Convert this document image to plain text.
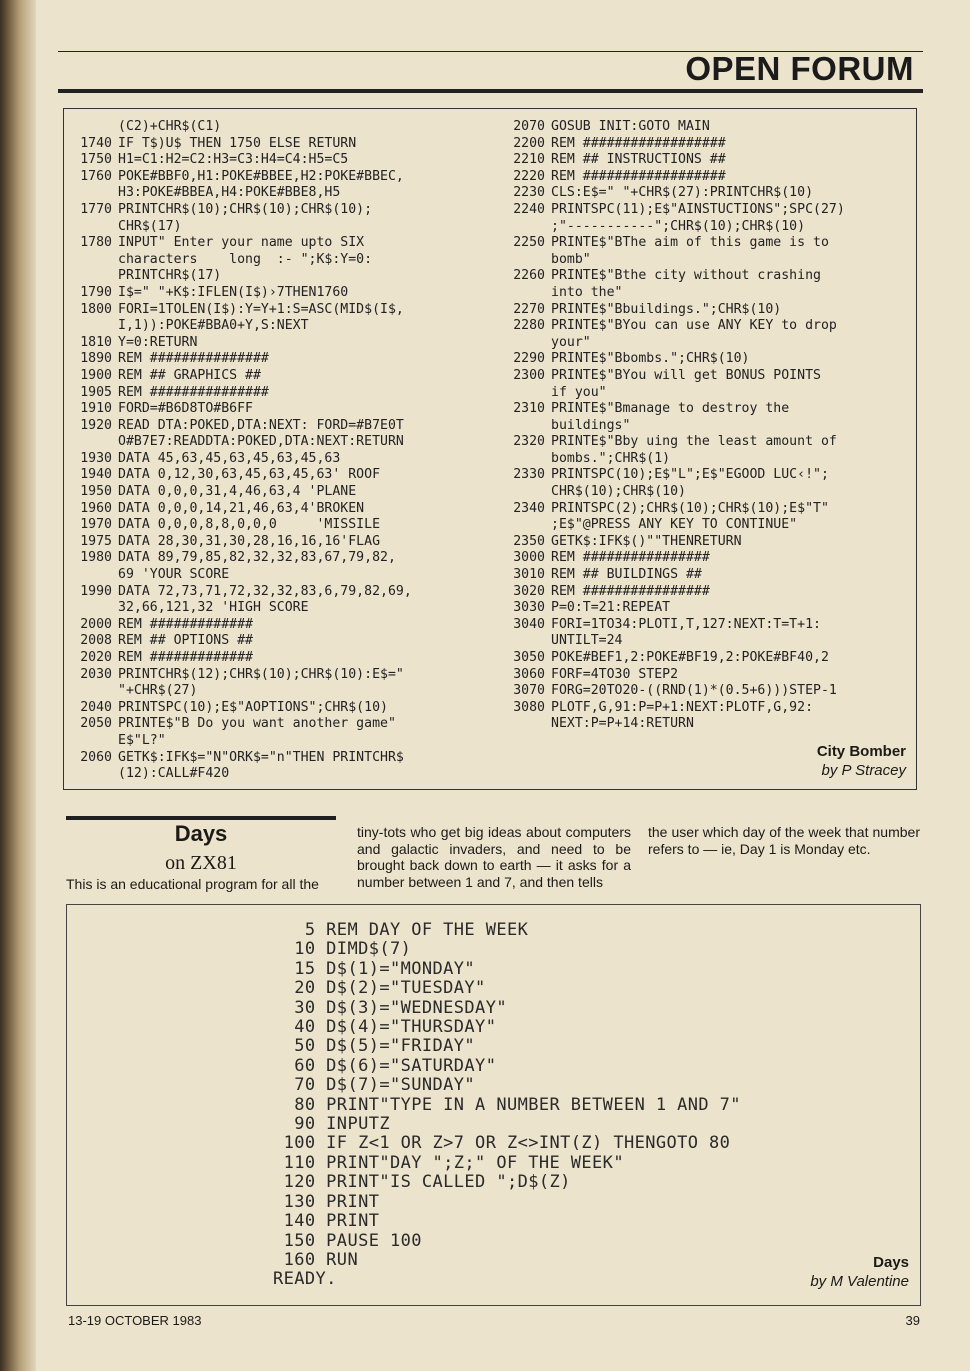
OPEN FORUM
(C2)+CHR$(C1)
1740 IF T$)U$ THEN 1750 ELSE RETURN
1750 H1=C1:H2=C2:H3=C3:H4=C4:H5=C5
1760 POKE#BBF0,H1:POKE#BBEE,H2:POKE#BBEC,
H3:POKE#BBEA,H4:POKE#BBE8,H5
1770 PRINTCHR$(10);CHR$(10);CHR$(10);
CHR$(17)
1780 INPUT" Enter your name upto SIX
characters    long  :- ";K$:Y=0:
PRINTCHR$(17)
1790 I$=" "+K$:IFLEN(I$)›7THEN1760
1800 FORI=1TOLEN(I$):Y=Y+1:S=ASC(MID$(I$,
I,1)):POKE#BBA0+Y,S:NEXT
1810 Y=0:RETURN
1890 REM ###############
1900 REM ## GRAPHICS ##
1905 REM ###############
1910 FORD=#B6D8TO#B6FF
1920 READ DTA:POKED,DTA:NEXT: FORD=#B7E0T
O#B7E7:READDTA:POKED,DTA:NEXT:RETURN
1930 DATA 45,63,45,63,45,63,45,63
1940 DATA 0,12,30,63,45,63,45,63' ROOF
1950 DATA 0,0,0,31,4,46,63,4 'PLANE
1960 DATA 0,0,0,14,21,46,63,4'BROKEN
1970 DATA 0,0,0,8,8,0,0,0     'MISSILE
1975 DATA 28,30,31,30,28,16,16,16'FLAG
1980 DATA 89,79,85,82,32,32,83,67,79,82,
69 'YOUR SCORE
1990 DATA 72,73,71,72,32,32,83,6,79,82,69,
32,66,121,32 'HIGH SCORE
2000 REM #############
2008 REM ## OPTIONS ##
2020 REM #############
2030 PRINTCHR$(12);CHR$(10);CHR$(10):E$="
"+CHR$(27)
2040 PRINTSPC(10);E$"AOPTIONS";CHR$(10)
2050 PRINTE$"B Do you want another game"
E$"L?"
2060 GETK$:IFK$="N"ORK$="n"THEN PRINTCHR$
(12):CALL#F420
2070 GOSUB INIT:GOTO MAIN
2200 REM ##################
2210 REM ## INSTRUCTIONS ##
2220 REM ##################
2230 CLS:E$=" "+CHR$(27):PRINTCHR$(10)
2240 PRINTSPC(11);E$"AINSTUCTIONS";SPC(27)
;"-----------";CHR$(10);CHR$(10)
2250 PRINTE$"BThe aim of this game is to
bomb"
2260 PRINTE$"Bthe city without crashing
into the"
2270 PRINTE$"Bbuildings.";CHR$(10)
2280 PRINTE$"BYou can use ANY KEY to drop
your"
2290 PRINTE$"Bbombs.";CHR$(10)
2300 PRINTE$"BYou will get BONUS POINTS
if you"
2310 PRINTE$"Bmanage to destroy the
buildings"
2320 PRINTE$"Bby uing the least amount of
bombs.";CHR$(1)
2330 PRINTSPC(10);E$"L";E$"EGOOD LUC‹!";
CHR$(10);CHR$(10)
2340 PRINTSPC(2);CHR$(10);CHR$(10);E$"T"
;E$"@PRESS ANY KEY TO CONTINUE"
2350 GETK$:IFK$()""THENRETURN
3000 REM ################
3010 REM ## BUILDINGS ##
3020 REM ################
3030 P=0:T=21:REPEAT
3040 FORI=1TO34:PLOTI,T,127:NEXT:T=T+1:
UNTILT=24
3050 POKE#BEF1,2:POKE#BF19,2:POKE#BF40,2
3060 FORF=4TO30 STEP2
3070 FORG=20TO20-((RND(1)*(0.5+6)))STEP-1
3080 PLOTF,G,91:P=P+1:NEXT:PLOTF,G,92:
NEXT:P=P+14:RETURN
City Bomber
by P Stracey
Days
on ZX81
This is an educational program for all the
tiny-tots who get big ideas about computers and galactic invaders, and need to be brought back down to earth — it asks for a number between 1 and 7, and then tells
the user which day of the week that number refers to — ie, Day 1 is Monday etc.
5 REM DAY OF THE WEEK
10 DIMD$(7)
15 D$(1)="MONDAY"
20 D$(2)="TUESDAY"
30 D$(3)="WEDNESDAY"
40 D$(4)="THURSDAY"
50 D$(5)="FRIDAY"
60 D$(6)="SATURDAY"
70 D$(7)="SUNDAY"
80 PRINT"TYPE IN A NUMBER BETWEEN 1 AND 7"
90 INPUTZ
100 IF Z<1 OR Z>7 OR Z<>INT(Z) THENGOTO 80
110 PRINT"DAY ";Z;" OF THE WEEK"
120 PRINT"IS CALLED ";D$(Z)
130 PRINT
140 PRINT
150 PAUSE 100
160 RUN
READY.
Days
by M Valentine
13-19 OCTOBER 1983	39
